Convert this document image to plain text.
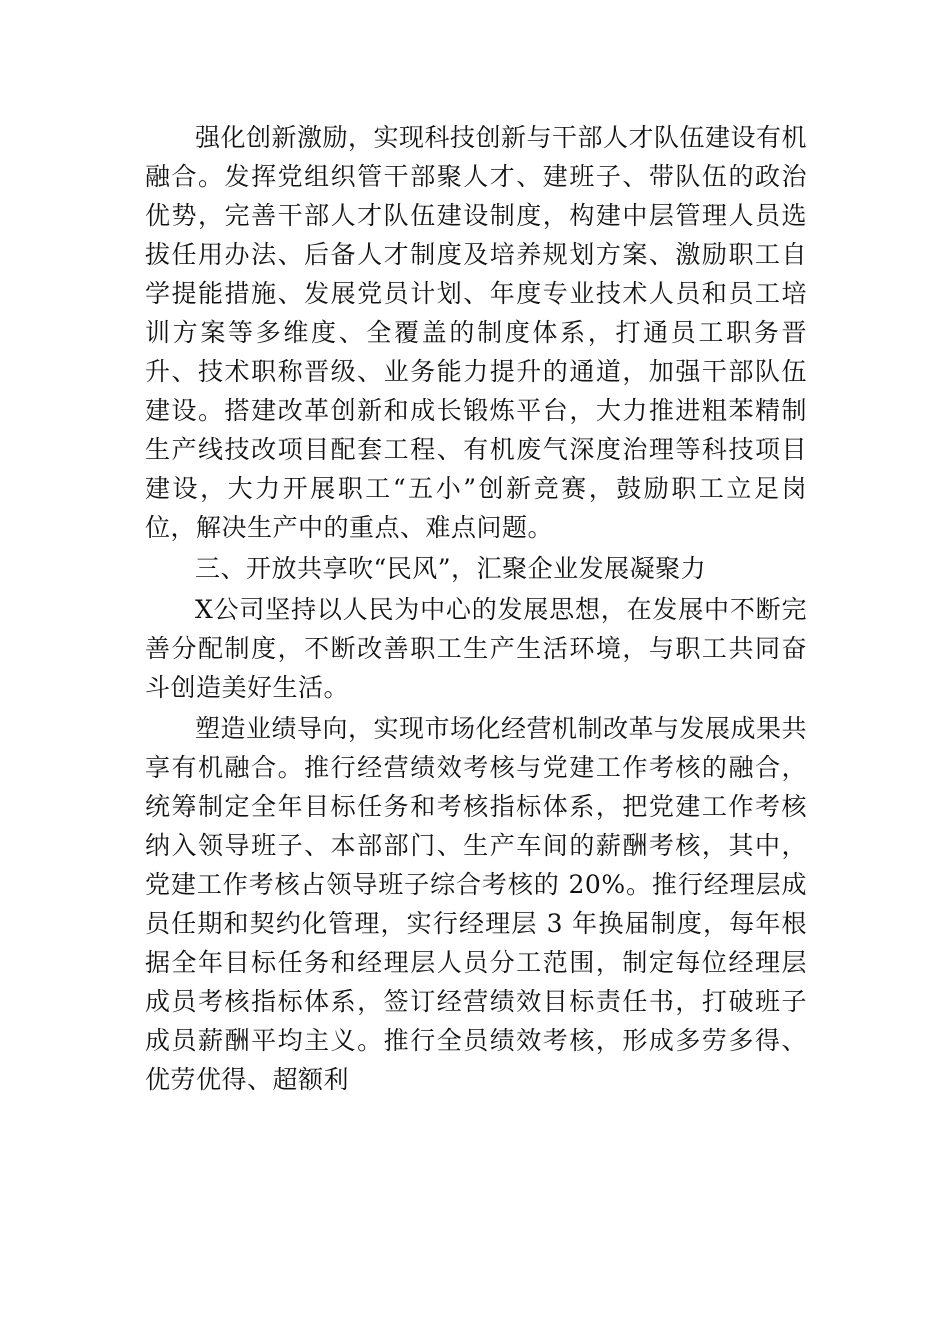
强化创新激励，实现科技创新与干部人才队伍建设有机融合。发挥党组织管干部聚人才、建班子、带队伍的政治优势，完善干部人才队伍建设制度，构建中层管理人员选拔任用办法、后备人才制度及培养规划方案、激励职工自学提能措施、发展党员计划、年度专业技术人员和员工培训方案等多维度、全覆盖的制度体系，打通员工职务晋升、技术职称晋级、业务能力提升的通道，加强干部队伍建设。搭建改革创新和成长锻炼平台，大力推进粗苯精制生产线技改项目配套工程、有机废气深度治理等科技项目建设，大力开展职工“五小”创新竞赛，鼓励职工立足岗位，解决生产中的重点、难点问题。

三、开放共享吹“民风”，汇聚企业发展凝聚力

X公司坚持以人民为中心的发展思想，在发展中不断完善分配制度，不断改善职工生产生活环境，与职工共同奋斗创造美好生活。

塑造业绩导向，实现市场化经营机制改革与发展成果共享有机融合。推行经营绩效考核与党建工作考核的融合，统筹制定全年目标任务和考核指标体系，把党建工作考核纳入领导班子、本部部门、生产车间的薪酬考核，其中，党建工作考核占领导班子综合考核的 20%。推行经理层成员任期和契约化管理，实行经理层 3 年换届制度，每年根据全年目标任务和经理层人员分工范围，制定每位经理层成员考核指标体系，签订经营绩效目标责任书，打破班子成员薪酬平均主义。推行全员绩效考核，形成多劳多得、优劳优得、超额利
